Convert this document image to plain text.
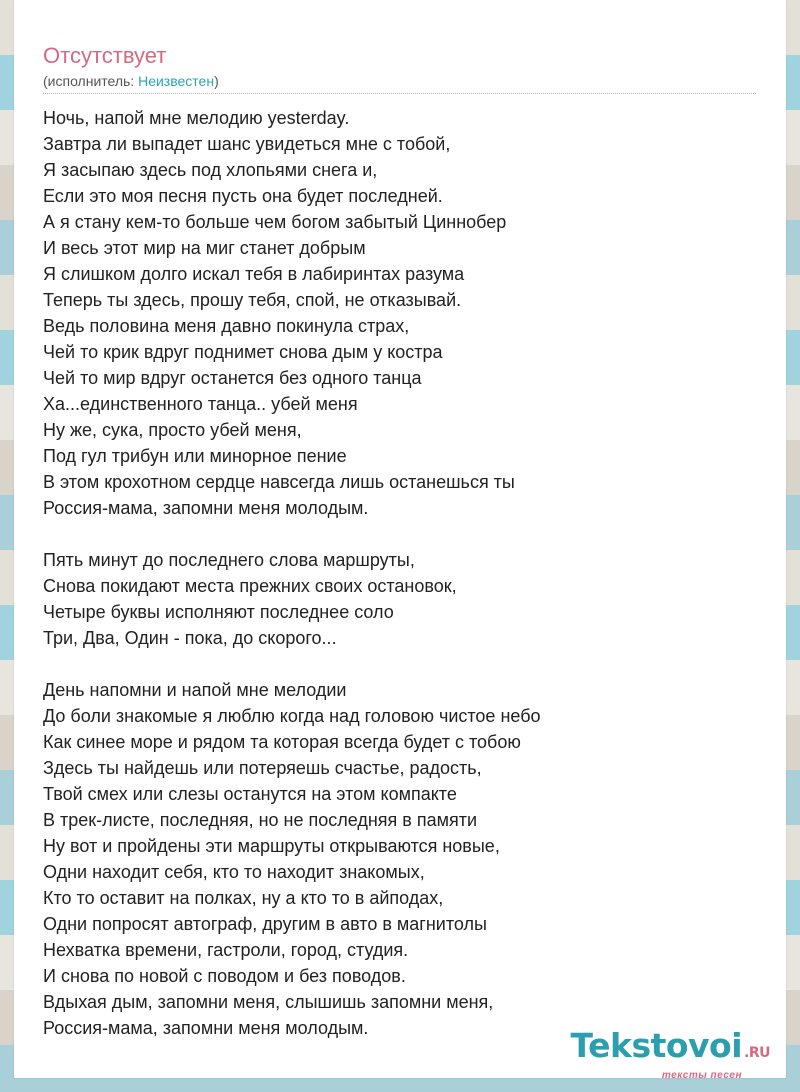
Отсутствует
(исполнитель: Неизвестен)
Ночь, напой мне мелодию yesterday.
Завтра ли выпадет шанс увидеться мне с тобой,
Я засыпаю здесь под хлопьями снега и,
Если это моя песня пусть она будет последней.
А я стану кем-то больше чем богом забытый Циннобер
И весь этот мир на миг станет добрым
Я слишком долго искал тебя в лабиринтах разума
Теперь ты здесь, прошу тебя, спой, не отказывай.
Ведь половина меня давно покинула страх,
Чей то крик вдруг поднимет снова дым у костра
Чей то мир вдруг останется без одного танца
Ха...единственного танца.. убей меня
Ну же, сука, просто убей меня,
Под гул трибун или минорное пение
В этом крохотном сердце навсегда лишь останешься ты
Россия-мама, запомни меня молодым.
Пять минут до последнего слова маршруты,
Снова покидают места прежних своих остановок,
Четыре буквы исполняют последнее соло
Три, Два, Один - пока, до скорого...
День напомни и напой мне мелодии
До боли знакомые я люблю когда над головою чистое небо
Как синее море и рядом та которая всегда будет с тобою
Здесь ты найдешь или потеряешь счастье, радость,
Твой смех или слезы останутся на этом компакте
В трек-листе, последняя, но не последняя в памяти
Ну вот и пройдены эти маршруты открываются новые,
Одни находит себя, кто то находит знакомых,
Кто то оставит на полках, ну а кто то в айподах,
Одни попросят автограф, другим в авто в магнитолы
Нехватка времени, гастроли, город, студия.
И снова по новой с поводом и без поводов.
Вдыхая дым, запомни меня, слышишь запомни меня,
Россия-мама, запомни меня молодым.	Tekstovoi .RU
тексты песен
